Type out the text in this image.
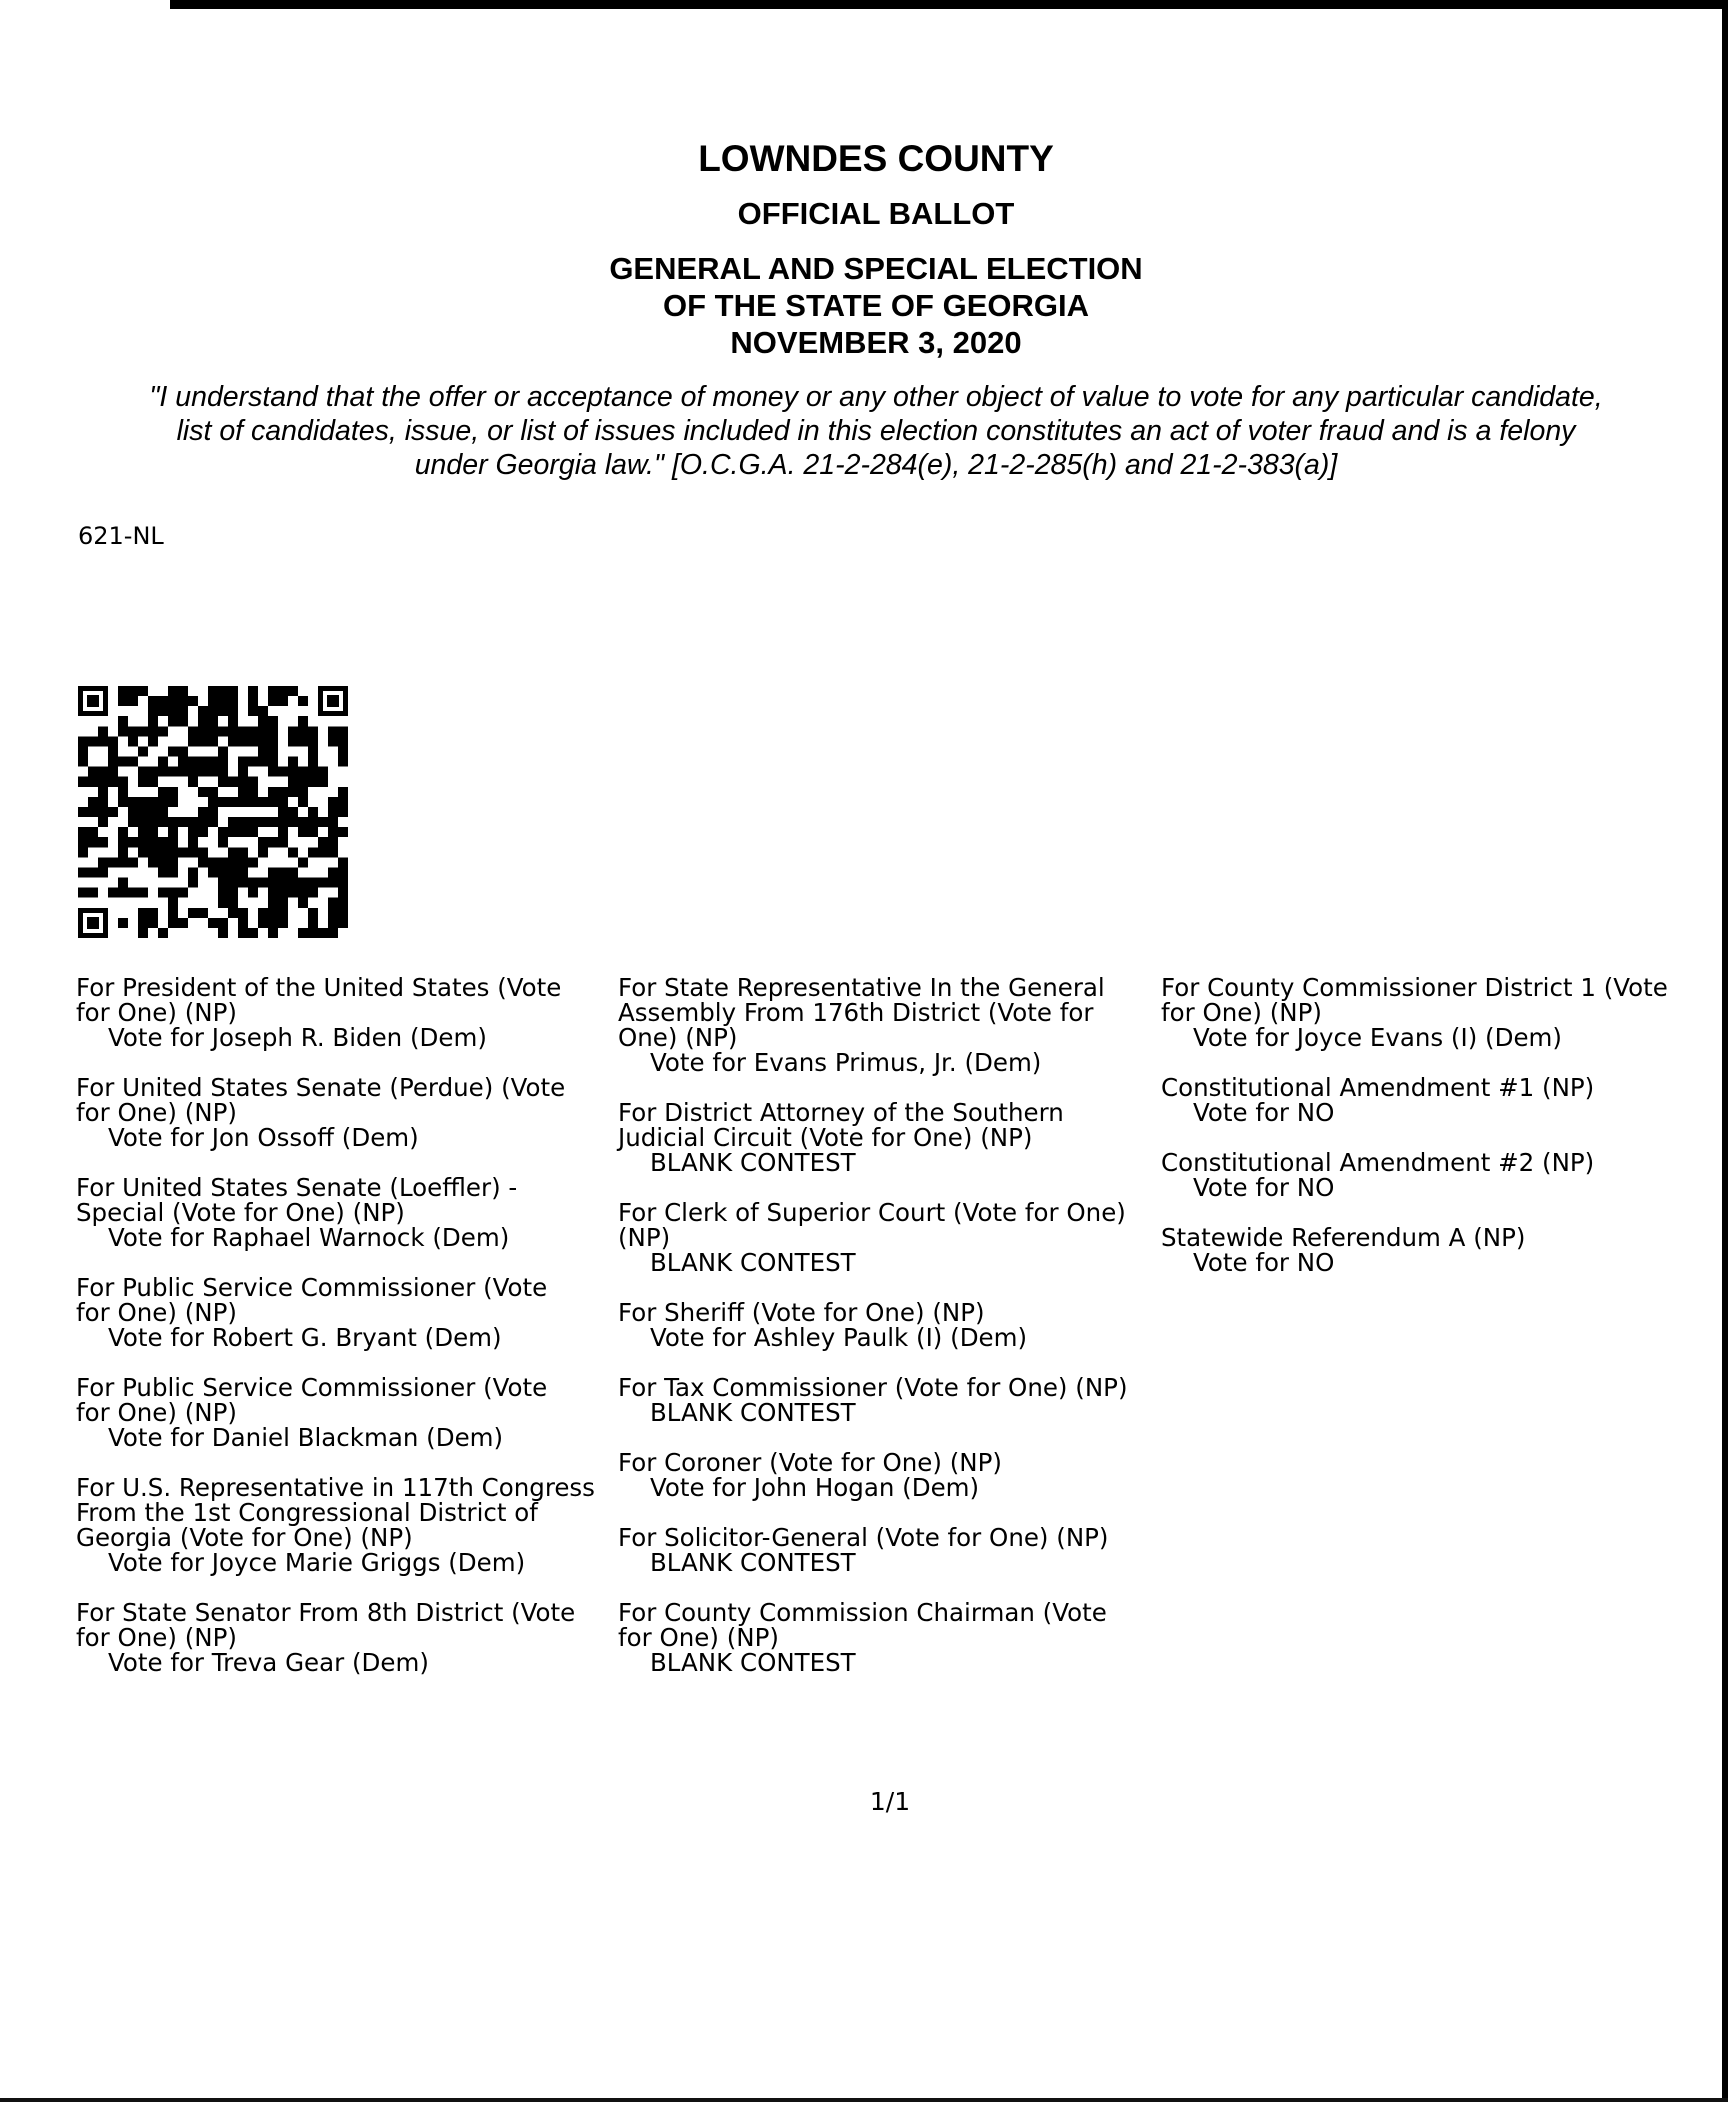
LOWNDES COUNTY
OFFICIAL BALLOT
GENERAL AND SPECIAL ELECTION
OF THE STATE OF GEORGIA
NOVEMBER 3, 2020
"I understand that the offer or acceptance of money or any other object of value to vote for any particular candidate,
list of candidates, issue, or list of issues included in this election constitutes an act of voter fraud and is a felony
under Georgia law." [O.C.G.A. 21-2-284(e), 21-2-285(h) and 21-2-383(a)]
621-NL
For President of the United States (Vote
for One) (NP)
Vote for Joseph R. Biden (Dem)
For United States Senate (Perdue) (Vote
for One) (NP)
Vote for Jon Ossoff (Dem)
For United States Senate (Loeffler) -
Special (Vote for One) (NP)
Vote for Raphael Warnock (Dem)
For Public Service Commissioner (Vote
for One) (NP)
Vote for Robert G. Bryant (Dem)
For Public Service Commissioner (Vote
for One) (NP)
Vote for Daniel Blackman (Dem)
For U.S. Representative in 117th Congress
From the 1st Congressional District of
Georgia (Vote for One) (NP)
Vote for Joyce Marie Griggs (Dem)
For State Senator From 8th District (Vote
for One) (NP)
Vote for Treva Gear (Dem)
For State Representative In the General
Assembly From 176th District (Vote for
One) (NP)
Vote for Evans Primus, Jr. (Dem)
For District Attorney of the Southern
Judicial Circuit (Vote for One) (NP)
BLANK CONTEST
For Clerk of Superior Court (Vote for One)
(NP)
BLANK CONTEST
For Sheriff (Vote for One) (NP)
Vote for Ashley Paulk (I) (Dem)
For Tax Commissioner (Vote for One) (NP)
BLANK CONTEST
For Coroner (Vote for One) (NP)
Vote for John Hogan (Dem)
For Solicitor-General (Vote for One) (NP)
BLANK CONTEST
For County Commission Chairman (Vote
for One) (NP)
BLANK CONTEST
For County Commissioner District 1 (Vote
for One) (NP)
Vote for Joyce Evans (I) (Dem)
Constitutional Amendment #1 (NP)
Vote for NO
Constitutional Amendment #2 (NP)
Vote for NO
Statewide Referendum A (NP)
Vote for NO
1/1
